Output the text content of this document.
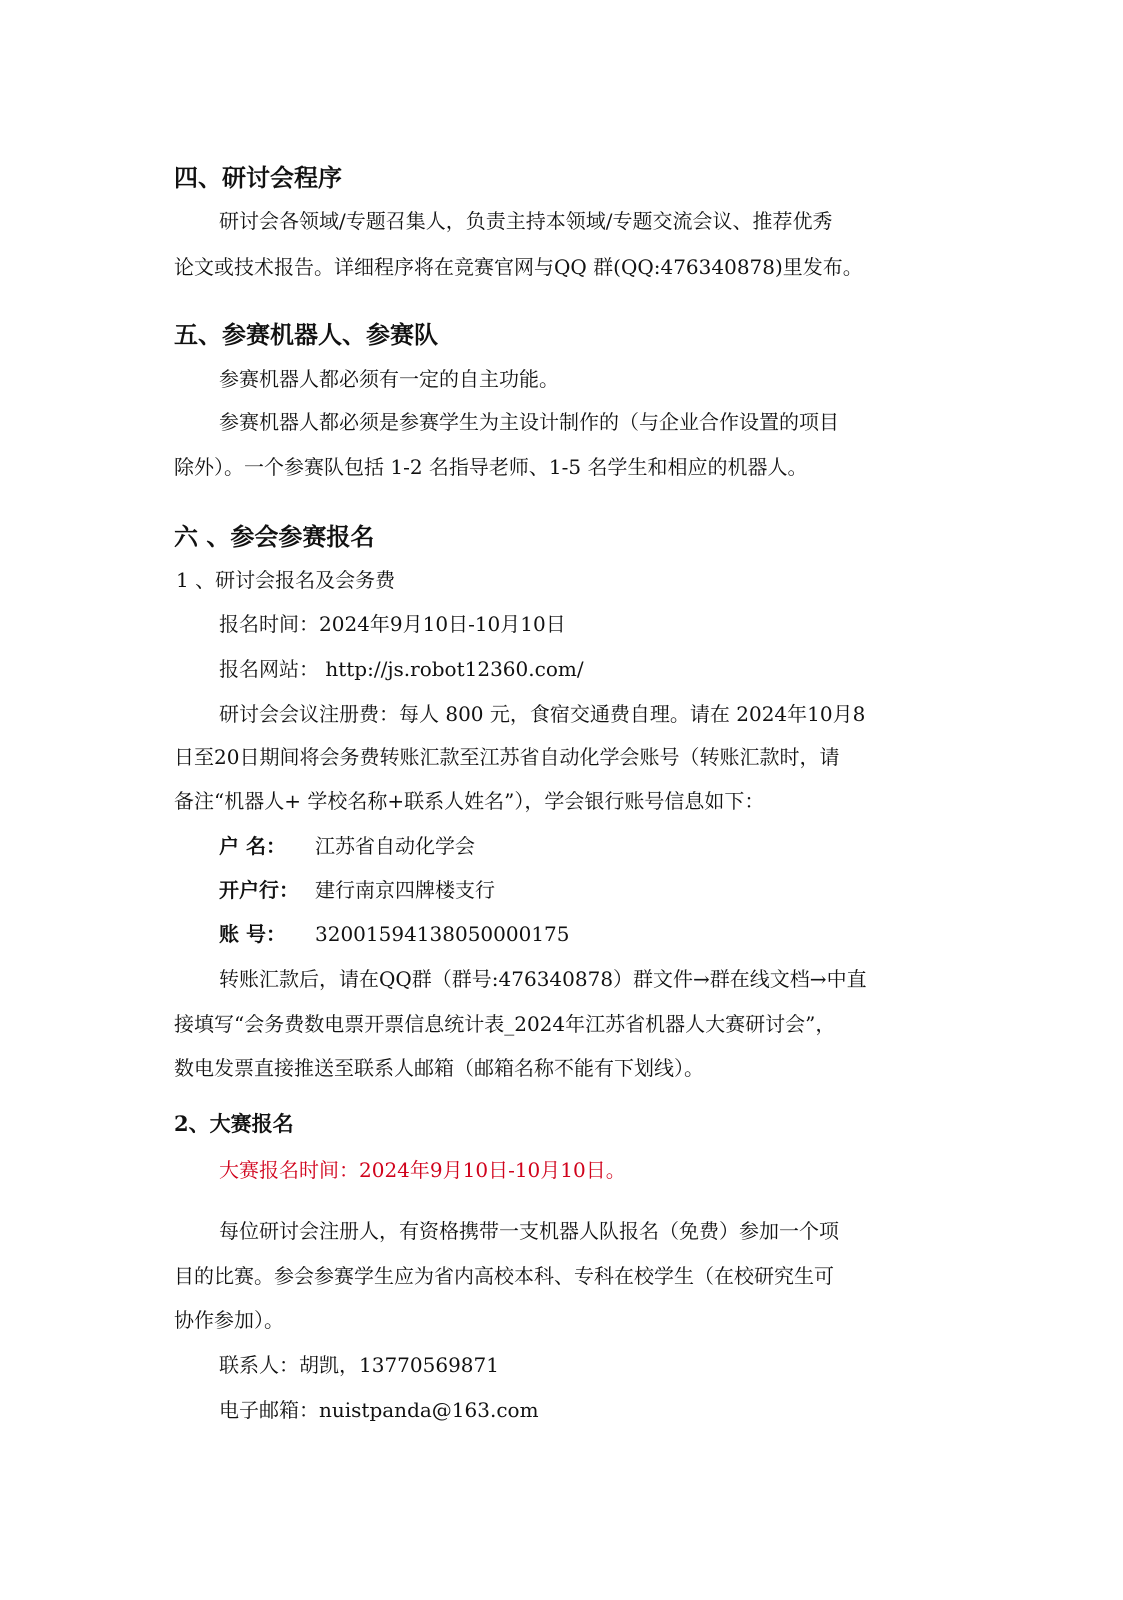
四、研讨会程序
研讨会各领域/专题召集人，负责主持本领域/专题交流会议、推荐优秀
论文或技术报告。详细程序将在竞赛官网与QQ 群(QQ:476340878)里发布。
五、参赛机器人、参赛队
参赛机器人都必须有一定的自主功能。
参赛机器人都必须是参赛学生为主设计制作的（与企业合作设置的项目
除外）。一个参赛队包括 1-2 名指导老师、1-5 名学生和相应的机器人。
六 、参会参赛报名
1 、研讨会报名及会务费
报名时间：2024年9月10日-10月10日
报名网站： http://js.robot12360.com/
研讨会会议注册费：每人 800 元，食宿交通费自理。请在 2024年10月8
日至20日期间将会务费转账汇款至江苏省自动化学会账号（转账汇款时，请
备注“机器人+ 学校名称+联系人姓名”），学会银行账号信息如下：
户 名： 江苏省自动化学会
开户行： 建行南京四牌楼支行
账 号： 32001594138050000175
转账汇款后，请在QQ群（群号:476340878）群文件→群在线文档→中直
接填写“会务费数电票开票信息统计表_2024年江苏省机器人大赛研讨会”，
数电发票直接推送至联系人邮箱（邮箱名称不能有下划线）。
2、大赛报名
大赛报名时间：2024年9月10日-10月10日。
每位研讨会注册人，有资格携带一支机器人队报名（免费）参加一个项
目的比赛。参会参赛学生应为省内高校本科、专科在校学生（在校研究生可
协作参加）。
联系人：胡凯，13770569871
电子邮箱：nuistpanda@163.com
